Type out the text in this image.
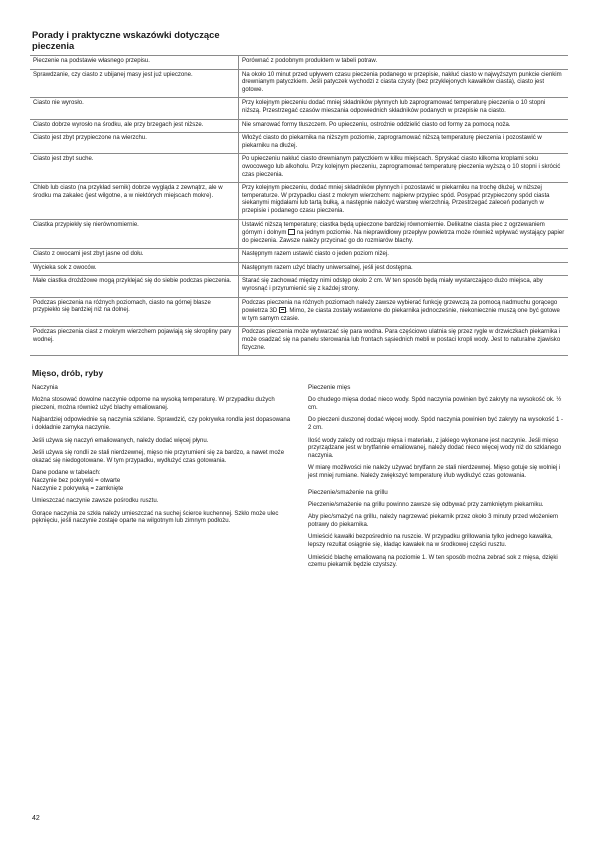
Porady i praktyczne wskazówki dotyczące
pieczenia
Pieczenie na podstawie własnego przepisu.	Porównać z podobnym produktem w tabeli potraw.
Sprawdzanie, czy ciasto z ubijanej masy jest już upieczone.	Na około 10 minut przed upływem czasu pieczenia podanego w przepisie, nakłuć ciasto w najwyższym punkcie cienkim drewnianym patyczkiem. Jeśli patyczek wychodzi z ciasta czysty (bez przyklejonych kawałków ciasta), ciasto jest gotowe.
Ciasto nie wyrosło.	Przy kolejnym pieczeniu dodać mniej składników płynnych lub zaprogramować temperaturę pieczenia o 10 stopni niższą. Przestrzegać czasów mieszania odpowiednich składników podanych w przepisie na ciasto.
Ciasto dobrze wyrosło na środku, ale przy brzegach jest niższe.	Nie smarować formy tłuszczem. Po upieczeniu, ostrożnie oddzielić ciasto od formy za pomocą noża.
Ciasto jest zbyt przypieczone na wierzchu.	Włożyć ciasto do piekarnika na niższym poziomie, zaprogramować niższą temperaturę pieczenia i pozostawić w piekarniku na dłużej.
Ciasto jest zbyt suche.	Po upieczeniu nakłuć ciasto drewnianym patyczkiem w kilku miejscach. Spryskać ciasto kilkoma kroplami soku owocowego lub alkoholu. Przy kolejnym pieczeniu, zaprogramować temperaturę pieczenia wyższą o 10 stopni i skrócić czas pieczenia.
Chleb lub ciasto (na przykład sernik) dobrze wygląda z zewnątrz, ale w środku ma zakalec (jest wilgotne, a w niektórych miejscach mokre).	Przy kolejnym pieczeniu, dodać mniej składników płynnych i pozostawić w piekarniku na trochę dłużej, w niższej temperaturze. W przypadku ciast z mokrym wierzchem: najpierw przypiec spód. Posypać przypieczony spód ciasta siekanymi migdałami lub tartą bułką, a następnie nałożyć warstwę wierzchnią. Przestrzegać zaleceń podanych w przepisie i podanego czasu pieczenia.
Ciastka przypiekły się nierównomiernie.	Ustawić niższą temperaturę; ciastka będą upieczone bardziej równomiernie. Delikatne ciasta piec z ogrzewaniem górnym i dolnym na jednym poziomie. Na nieprawidłowy przepływ powietrza może również wpływać wystający papier do pieczenia. Zawsze należy przycinać go do rozmiarów blachy.
Ciasto z owocami jest zbyt jasne od dołu.	Następnym razem ustawić ciasto o jeden poziom niżej.
Wycieka sok z owoców.	Następnym razem użyć blachy uniwersalnej, jeśli jest dostępna.
Małe ciastka drożdżowe mogą przyklejać się do siebie podczas pieczenia.	Starać się zachować między nimi odstęp około 2 cm. W ten sposób będą miały wystarczająco dużo miejsca, aby wyrosnąć i przyrumienić się z każdej strony.
Podczas pieczenia na różnych poziomach, ciasto na górnej blasze przypiekło się bardziej niż na dolnej.	Podczas pieczenia na różnych poziomach należy zawsze wybierać funkcję grzewczą za pomocą nadmuchu gorącego powietrza 3D . Mimo, że ciasta zostały wstawione do piekarnika jednocześnie, niekoniecznie muszą one być gotowe w tym samym czasie.
Podczas pieczenia ciast z mokrym wierzchem pojawiają się skropliny pary wodnej.	Podczas pieczenia może wytwarzać się para wodna. Para częściowo ulatnia się przez rygle w drzwiczkach piekarnika i może osadzać się na panelu sterowania lub frontach sąsiednich mebli w postaci kropli wody. Jest to naturalne zjawisko fizyczne.
Mięso, drób, ryby
Naczynia

Można stosować dowolne naczynie odporne na wysoką temperaturę. W przypadku dużych pieczeni, można również użyć blachy emaliowanej.

Najbardziej odpowiednie są naczynia szklane. Sprawdzić, czy pokrywka rondla jest dopasowana i dokładnie zamyka naczynie.

Jeśli używa się naczyń emaliowanych, należy dodać więcej płynu.

Jeśli używa się rondli ze stali nierdzewnej, mięso nie przyrumieni się za bardzo, a nawet może okazać się niedogotowane. W tym przypadku, wydłużyć czas gotowania.

Dane podane w tabelach:
Naczynie bez pokrywki = otwarte
Naczynie z pokrywką = zamknięte

Umieszczać naczynie zawsze pośrodku rusztu.

Gorące naczynia ze szkła należy umieszczać na suchej ścierce kuchennej. Szkło może ulec pęknięciu, jeśli naczynie zostaje oparte na wilgotnym lub zimnym podłożu.

Pieczenie mięs

Do chudego mięsa dodać nieco wody. Spód naczynia powinien być zakryty na wysokość ok. ½ cm.

Do pieczeni duszonej dodać więcej wody. Spód naczynia powinien być zakryty na wysokość 1 - 2 cm.

Ilość wody zależy od rodzaju mięsa i materiału, z jakiego wykonane jest naczynie. Jeśli mięso przyrządzane jest w brytfannie emaliowanej, należy dodać nieco więcej wody niż do szklanego naczynia.

W miarę możliwości nie należy używać brytfann ze stali nierdzewnej. Mięso gotuje się wolniej i jest mniej rumiane. Należy zwiększyć temperaturę i/lub wydłużyć czas gotowania.

Pieczenie/smażenie na grillu

Pieczenie/smażenie na grillu powinno zawsze się odbywać przy zamkniętym piekarniku.

Aby piec/smażyć na grillu, należy nagrzewać piekarnik przez około 3 minuty przed włożeniem potrawy do piekarnika.

Umieścić kawałki bezpośrednio na ruszcie. W przypadku grillowania tylko jednego kawałka, lepszy rezultat osiągnie się, kładąc kawałek na w środkowej części rusztu.

Umieścić blachę emaliowaną na poziomie 1. W ten sposób można zebrać sok z mięsa, dzięki czemu piekarnik będzie czystszy.

42
